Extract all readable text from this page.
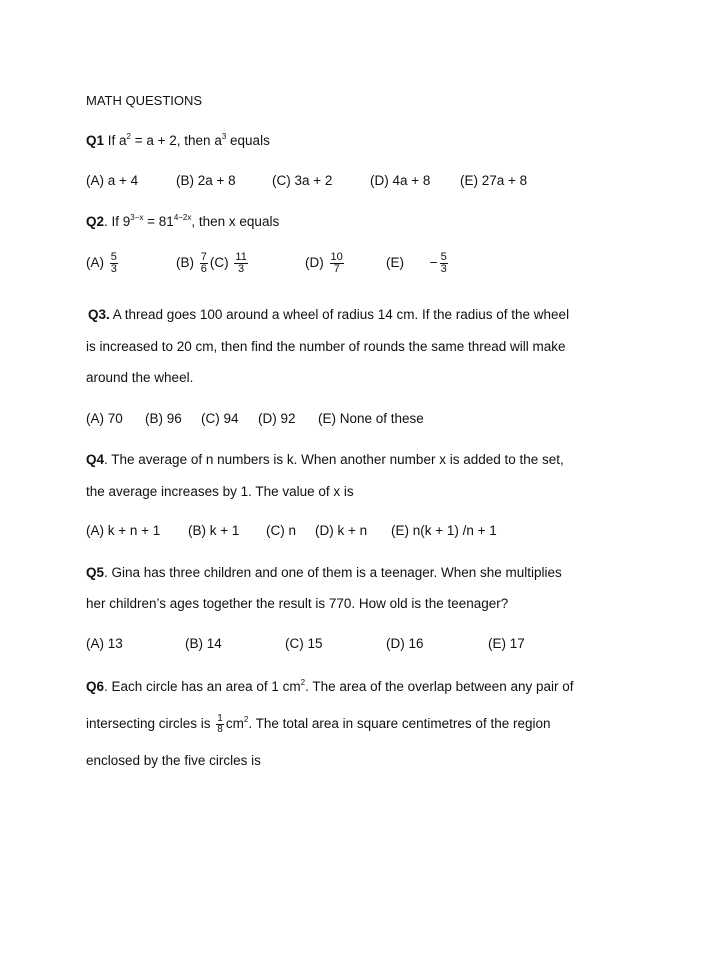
MATH QUESTIONS
Q1 If $a^2 = a + 2$, then $a^3$ equals
(A) a + 4	(B) 2a + 8	(C) 3a + 2	(D) 4a + 8 (E) 27a + 8
Q2. If $9^{3-x} = 81^{4-2x}$, then x equals
$(A) \frac{5}{3}$	$(B) \frac{7}{6} (C) \frac{11}{3}$	$(D) \frac{10}{7}$	$(E) - \frac{5}{3}$
Q3. A thread goes 100 around a wheel of radius 14 cm. If the radius of the wheel
is increased to 20 cm, then find the number of rounds the same thread will make
around the wheel.
(A) 70 (B) 96 (C) 94 (D) 92 (E) None of these
Q4. The average of n numbers is k. When another number x is added to the set,
the average increases by 1. The value of x is
(A) k + n + 1 (B) k + 1 (C) n (D) k + n (E) n(k + 1) /n + 1
Q5. Gina has three children and one of them is a teenager. When she multiplies
her children’s ages together the result is 770. How old is the teenager?
(A) 13	(B) 14	(C) 15	(D) 16	(E) 17
Q6. Each circle has an area of 1 $cm^2$. The area of the overlap between any pair of
intersecting circles is $\frac{1}{8} cm^2$. The total area in square centimetres of the region
enclosed by the five circles is
